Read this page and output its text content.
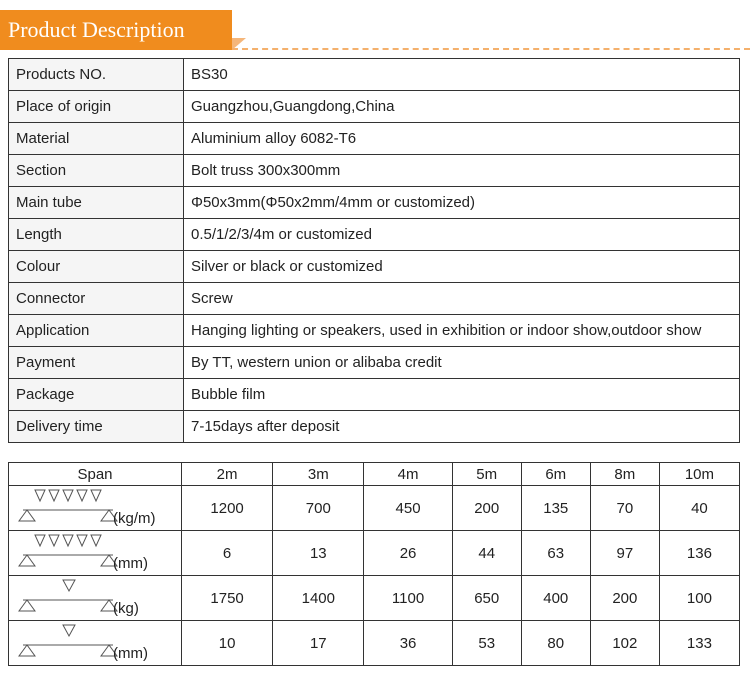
Product Description
Products NO.	BS30
Place of origin	Guangzhou,Guangdong,China
Material	Aluminium alloy 6082-T6
Section	Bolt truss 300x300mm
Main tube	Φ50x3mm(Φ50x2mm/4mm or customized)
Length	0.5/1/2/3/4m or customized
Colour	Silver or black or customized
Connector	Screw
Application	Hanging lighting or speakers, used in exhibition or indoor show,outdoor show
Payment	By TT, western union or alibaba credit
Package	Bubble film
Delivery time	7-15days after deposit
Span	2m	3m	4m	5m	6m	8m	10m

(kg/m)	1200	700	450	200	135	70	40

(mm)	6	13	26	44	63	97	136

(kg)	1750	1400	1100	650	400	200	100

(mm)	10	17	36	53	80	102	133
